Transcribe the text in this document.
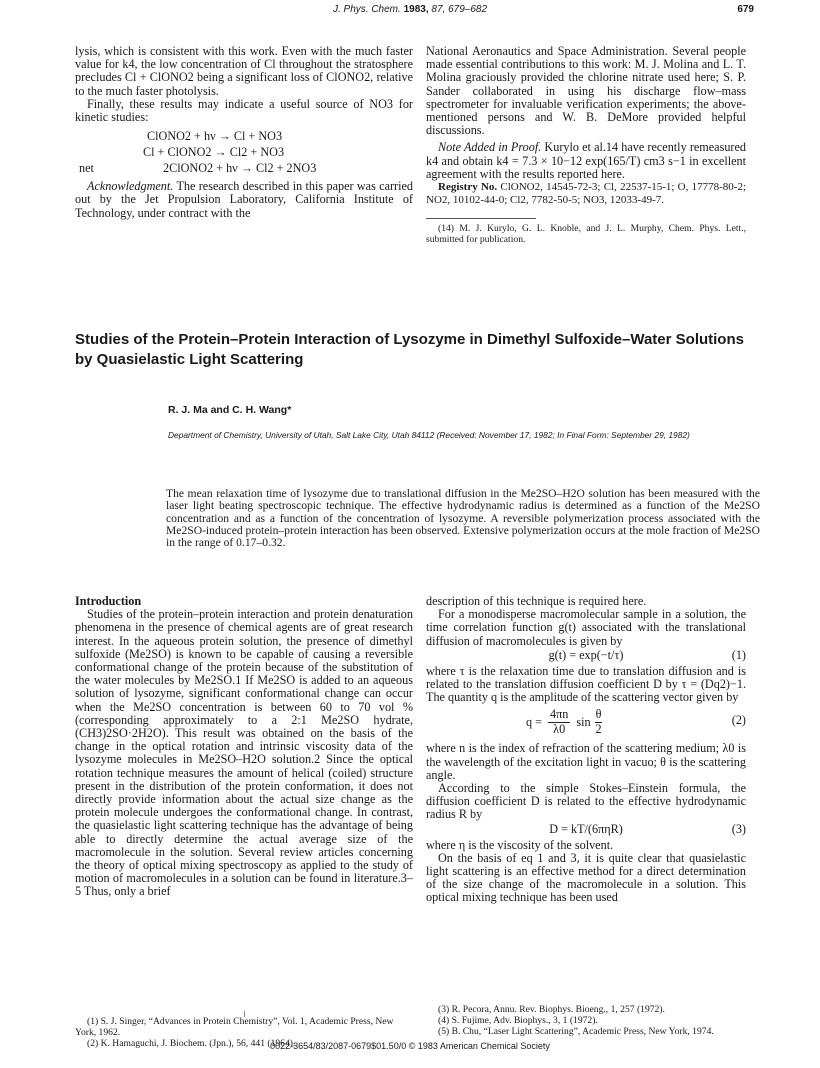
J. Phys. Chem. 1983, 87, 679–682	679

lysis, which is consistent with this work. Even with the much faster value for k4, the low concentration of Cl throughout the stratosphere precludes Cl + ClONO2 being a significant loss of ClONO2, relative to the much faster photolysis.

Finally, these results may indicate a useful source of NO3 for kinetic studies:

ClONO2 + hν → Cl + NO3
Cl + ClONO2 → Cl2 + NO3
net	2ClONO2 + hν → Cl2 + 2NO3

Acknowledgment. The research described in this paper was carried out by the Jet Propulsion Laboratory, California Institute of Technology, under contract with the

National Aeronautics and Space Administration. Several people made essential contributions to this work: M. J. Molina and L. T. Molina graciously provided the chlorine nitrate used here; S. P. Sander collaborated in using his discharge flow–mass spectrometer for invaluable verification experiments; the above-mentioned persons and W. B. DeMore provided helpful discussions.

Note Added in Proof. Kurylo et al.14 have recently remeasured k4 and obtain k4 = 7.3 × 10−12 exp(165/T) cm3 s−1 in excellent agreement with the results reported here.

Registry No. ClONO2, 14545-72-3; Cl, 22537-15-1; O, 17778-80-2; NO2, 10102-44-0; Cl2, 7782-50-5; NO3, 12033-49-7.

(14) M. J. Kurylo, G. L. Knoble, and J. L. Murphy, Chem. Phys. Lett., submitted for publication.

Studies of the Protein–Protein Interaction of Lysozyme in Dimethyl Sulfoxide–Water Solutions by Quasielastic Light Scattering
R. J. Ma and C. H. Wang*
Department of Chemistry, University of Utah, Salt Lake City, Utah 84112 (Received: November 17, 1982; In Final Form: September 29, 1982)
The mean relaxation time of lysozyme due to translational diffusion in the Me2SO–H2O solution has been measured with the laser light beating spectroscopic technique. The effective hydrodynamic radius is determined as a function of the Me2SO concentration and as a function of the concentration of lysozyme. A reversible polymerization process associated with the Me2SO-induced protein–protein interaction has been observed. Extensive polymerization occurs at the mole fraction of Me2SO in the range of 0.17–0.32.

Introduction

Studies of the protein–protein interaction and protein denaturation phenomena in the presence of chemical agents are of great research interest. In the aqueous protein solution, the presence of dimethyl sulfoxide (Me2SO) is known to be capable of causing a reversible conformational change of the protein because of the substitution of the water molecules by Me2SO.1 If Me2SO is added to an aqueous solution of lysozyme, significant conformational change can occur when the Me2SO concentration is between 60 to 70 vol % (corresponding approximately to a 2:1 Me2SO hydrate, (CH3)2SO·2H2O). This result was obtained on the basis of the change in the optical rotation and intrinsic viscosity data of the lysozyme molecules in Me2SO–H2O solution.2 Since the optical rotation technique measures the amount of helical (coiled) structure present in the distribution of the protein conformation, it does not directly provide information about the actual size change as the protein molecule undergoes the conformational change. In contrast, the quasielastic light scattering technique has the advantage of being able to directly determine the actual average size of the macromolecule in the solution. Several review articles concerning the theory of optical mixing spectroscopy as applied to the study of motion of macromolecules in a solution can be found in literature.3–5 Thus, only a brief

description of this technique is required here.

For a monodisperse macromolecular sample in a solution, the time correlation function g(t) associated with the translational diffusion of macromolecules is given by

g(t) = exp(−t/τ)	(1)

where τ is the relaxation time due to translation diffusion and is related to the translation diffusion coefficient D by τ = (Dq2)−1. The quantity q is the amplitude of the scattering vector given by

$q = \frac{4\pi n}{\lambda 0}$ sin
θ
2
(2)

where n is the index of refraction of the scattering medium; λ0 is the wavelength of the excitation light in vacuo; θ is the scattering angle.

According to the simple Stokes–Einstein formula, the diffusion coefficient D is related to the effective hydrodynamic radius R by

D = kT/(6πηR)	(3)

where η is the viscosity of the solvent.

On the basis of eq 1 and 3, it is quite clear that quasielastic light scattering is an effective method for a direct determination of the size change of the macromolecule in a solution. This optical mixing technique has been used

(1) S. J. Singer, “Advances in Protein Chemistry”, Vol. 1, Academic Press, New York, 1962.
(2) K. Hamaguchi, J. Biochem. (Jpn.), 56, 441 (1964).
(3) R. Pecora, Annu. Rev. Biophys. Bioeng., 1, 257 (1972).
(4) S. Fujime, Adv. Biophys., 3, 1 (1972).
(5) B. Chu, “Laser Light Scattering”, Academic Press, New York, 1974.
0022-3654/83/2087-0679$01.50/0 © 1983 American Chemical Society
